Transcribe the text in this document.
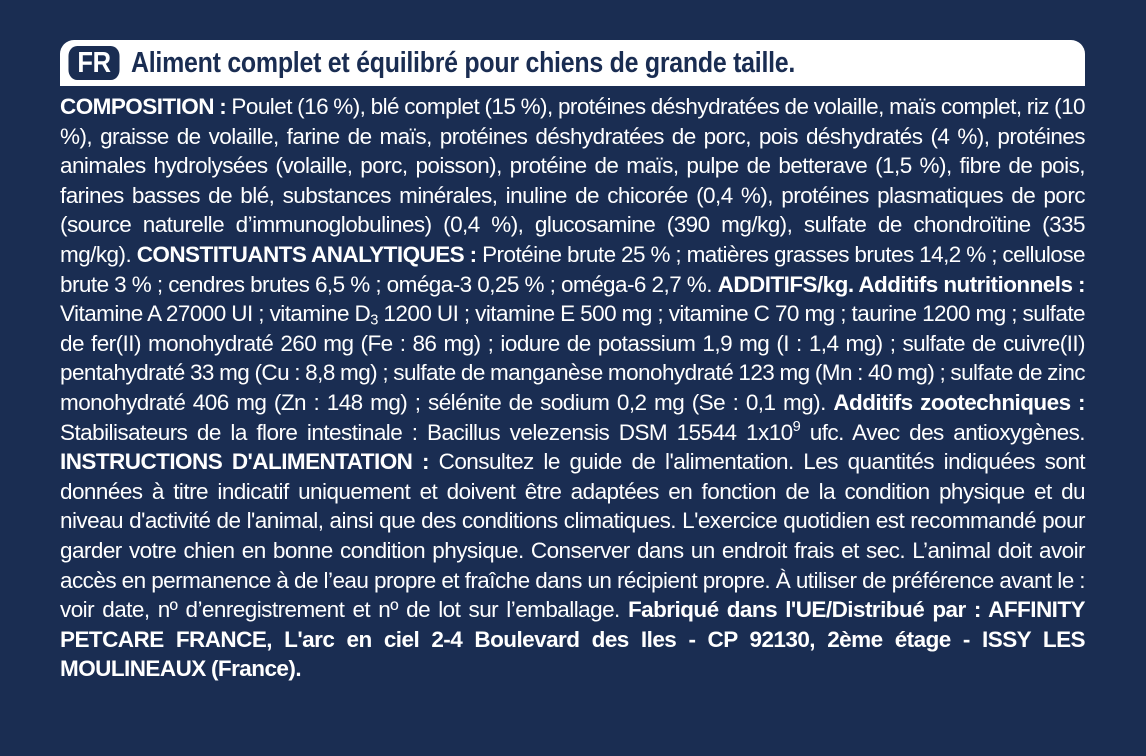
FR Aliment complet et équilibré pour chiens de grande taille.
COMPOSITION : Poulet (16 %), blé complet (15 %), protéines déshydratées de volaille, maïs complet, riz (10 %), graisse de volaille, farine de maïs, protéines déshydratées de porc, pois déshydratés (4 %), protéines animales hydrolysées (volaille, porc, poisson), protéine de maïs, pulpe de betterave (1,5 %), fibre de pois, farines basses de blé, substances minérales, inuline de chicorée (0,4 %), protéines plasmatiques de porc (source naturelle d’immunoglobulines) (0,4 %), glucosamine (390 mg/kg), sulfate de chondroïtine (335 mg/kg). CONSTITUANTS ANALYTIQUES : Protéine brute 25 % ; matières grasses brutes 14,2 % ; cellulose brute 3 % ; cendres brutes 6,5 % ; oméga-3 0,25 % ; oméga-6 2,7 %. ADDITIFS/kg. Additifs nutritionnels : Vitamine A 27000 UI ; vitamine $D_3$ 1200 UI ; vitamine E 500 mg ; vitamine C 70 mg ; taurine 1200 mg ; sulfate de fer(II) monohydraté 260 mg (Fe : 86 mg) ; iodure de potassium 1,9 mg (I : 1,4 mg) ; sulfate de cuivre(II) pentahydraté 33 mg (Cu : 8,8 mg) ; sulfate de manganèse monohydraté 123 mg (Mn : 40 mg) ; sulfate de zinc monohydraté 406 mg (Zn : 148 mg) ; sélénite de sodium 0,2 mg (Se : 0,1 mg). Additifs zootechniques : Stabilisateurs de la flore intestinale : Bacillus velezensis DSM 15544 $1x10^9$ ufc. Avec des antioxygènes. INSTRUCTIONS D'ALIMENTATION : Consultez le guide de l'alimentation. Les quantités indiquées sont données à titre indicatif uniquement et doivent être adaptées en fonction de la condition physique et du niveau d'activité de l'animal, ainsi que des conditions climatiques. L'exercice quotidien est recommandé pour garder votre chien en bonne condition physique. Conserver dans un endroit frais et sec. L’animal doit avoir accès en permanence à de l’eau propre et fraîche dans un récipient propre. À utiliser de préférence avant le : voir date, nº d’enregistrement et nº de lot sur l’emballage. Fabriqué dans l'UE/Distribué par : AFFINITY PETCARE FRANCE, L'arc en ciel 2-4 Boulevard des Iles - CP 92130, 2ème étage - ISSY LES MOULINEAUX (France).
